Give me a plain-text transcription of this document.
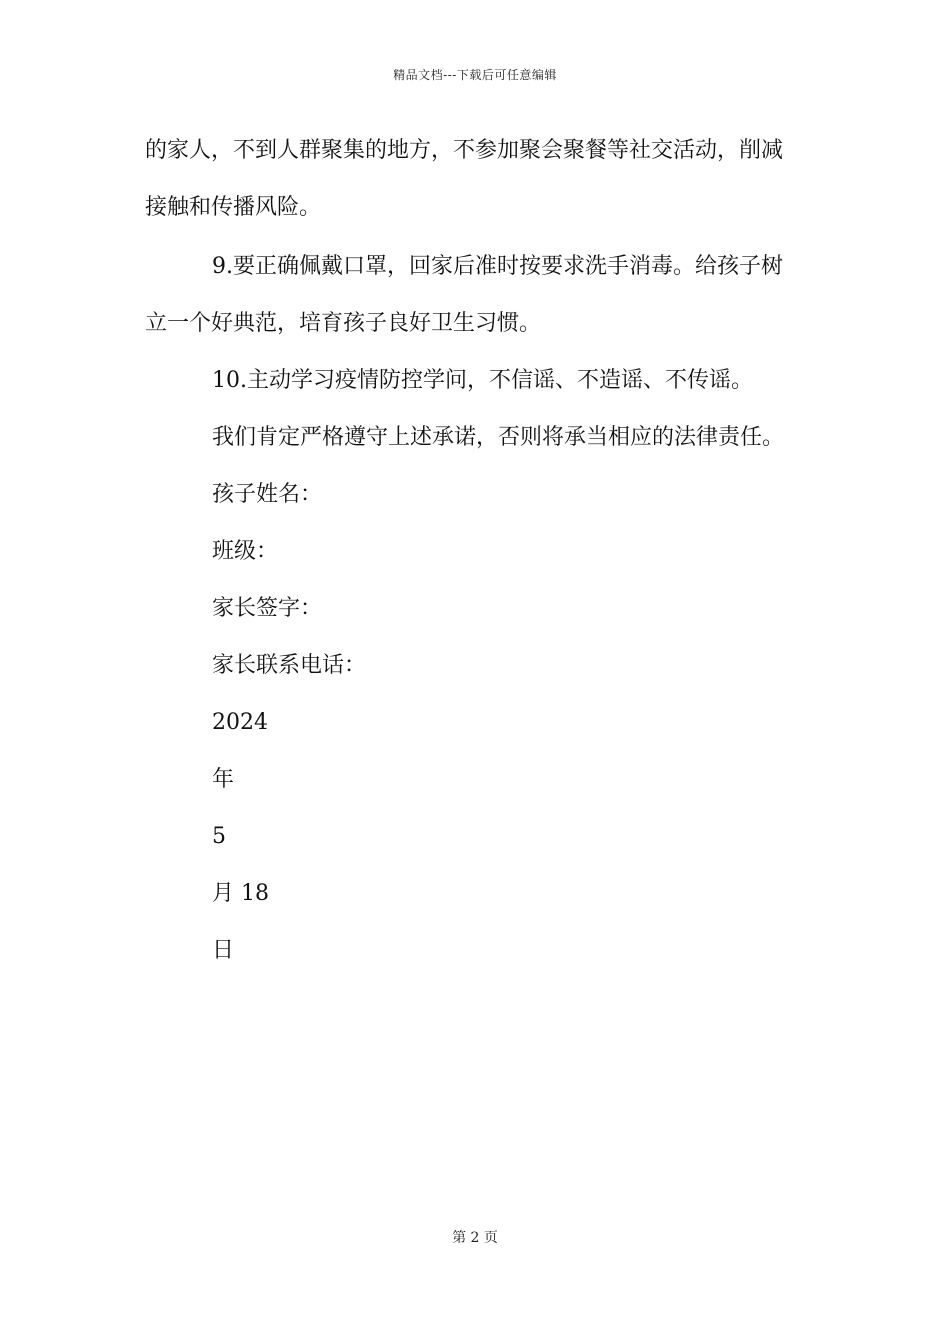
精品文档---下载后可任意编辑
的家人，不到人群聚集的地方，不参加聚会聚餐等社交活动，削减
接触和传播风险。
9.要正确佩戴口罩，回家后准时按要求洗手消毒。给孩子树
立一个好典范，培育孩子良好卫生习惯。
10.主动学习疫情防控学问，不信谣、不造谣、不传谣。
我们肯定严格遵守上述承诺，否则将承当相应的法律责任。
孩子姓名：
班级：
家长签字：
家长联系电话：
2024
年
5
月 18
日
第 2 页
